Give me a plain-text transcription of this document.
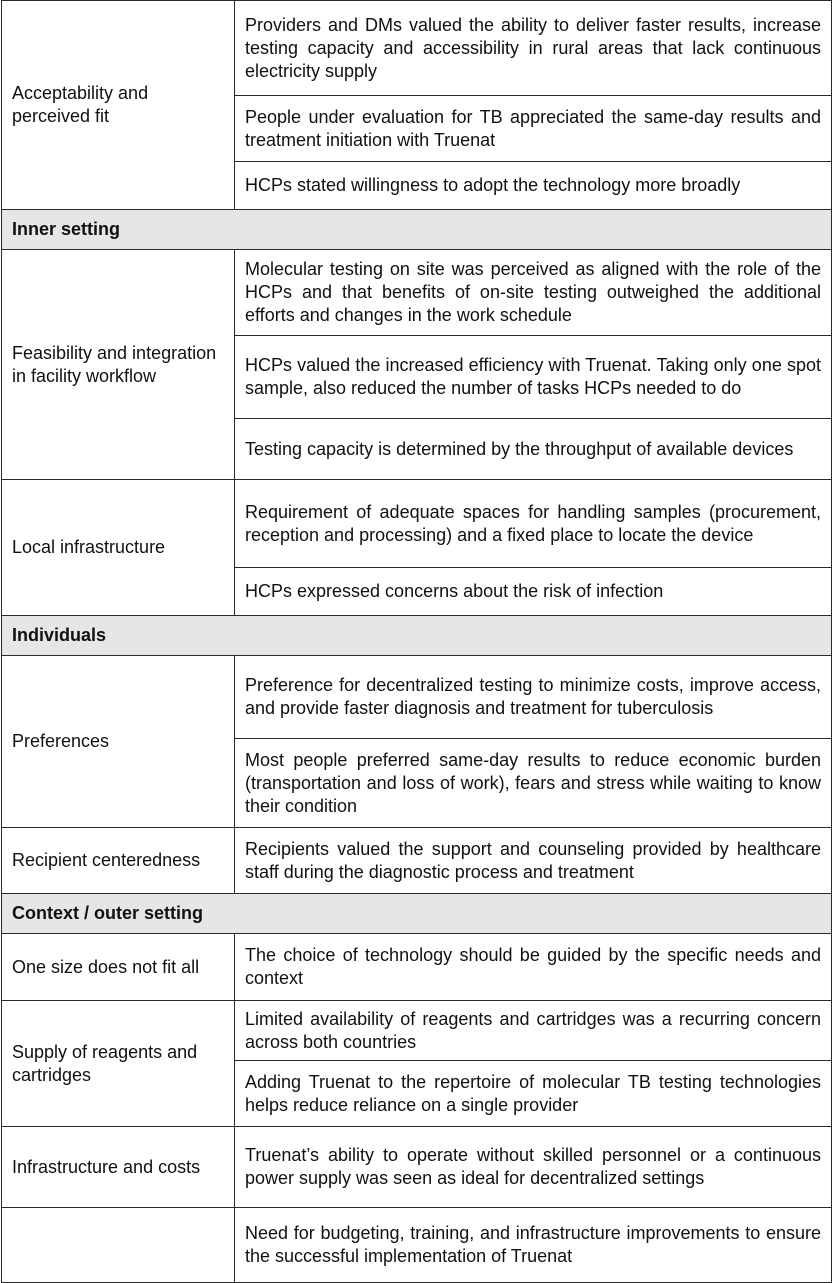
Acceptability and perceived fit	Providers and DMs valued the ability to deliver faster results, increase testing capacity and accessibility in rural areas that lack continuous electricity supply
	People under evaluation for TB appreciated the same-day results and treatment initiation with Truenat
	HCPs stated willingness to adopt the technology more broadly
Inner setting	
Feasibility and integration in facility workflow	Molecular testing on site was perceived as aligned with the role of the HCPs and that benefits of on-site testing outweighed the additional efforts and changes in the work schedule
	HCPs valued the increased efficiency with Truenat. Taking only one spot sample, also reduced the number of tasks HCPs needed to do
	Testing capacity is determined by the throughput of available devices
Local infrastructure	Requirement of adequate spaces for handling samples (procurement, reception and processing) and a fixed place to locate the device
	HCPs expressed concerns about the risk of infection
Individuals	
Preferences	Preference for decentralized testing to minimize costs, improve access, and provide faster diagnosis and treatment for tuberculosis
	Most people preferred same-day results to reduce economic burden (transportation and loss of work), fears and stress while waiting to know their condition
Recipient centeredness	Recipients valued the support and counseling provided by healthcare staff during the diagnostic process and treatment
Context / outer setting	
One size does not fit all	The choice of technology should be guided by the specific needs and context
Supply of reagents and cartridges	Limited availability of reagents and cartridges was a recurring concern across both countries
	Adding Truenat to the repertoire of molecular TB testing technologies helps reduce reliance on a single provider
Infrastructure and costs	Truenat’s ability to operate without skilled personnel or a continuous power supply was seen as ideal for decentralized settings
	Need for budgeting, training, and infrastructure improvements to ensure the successful implementation of Truenat
